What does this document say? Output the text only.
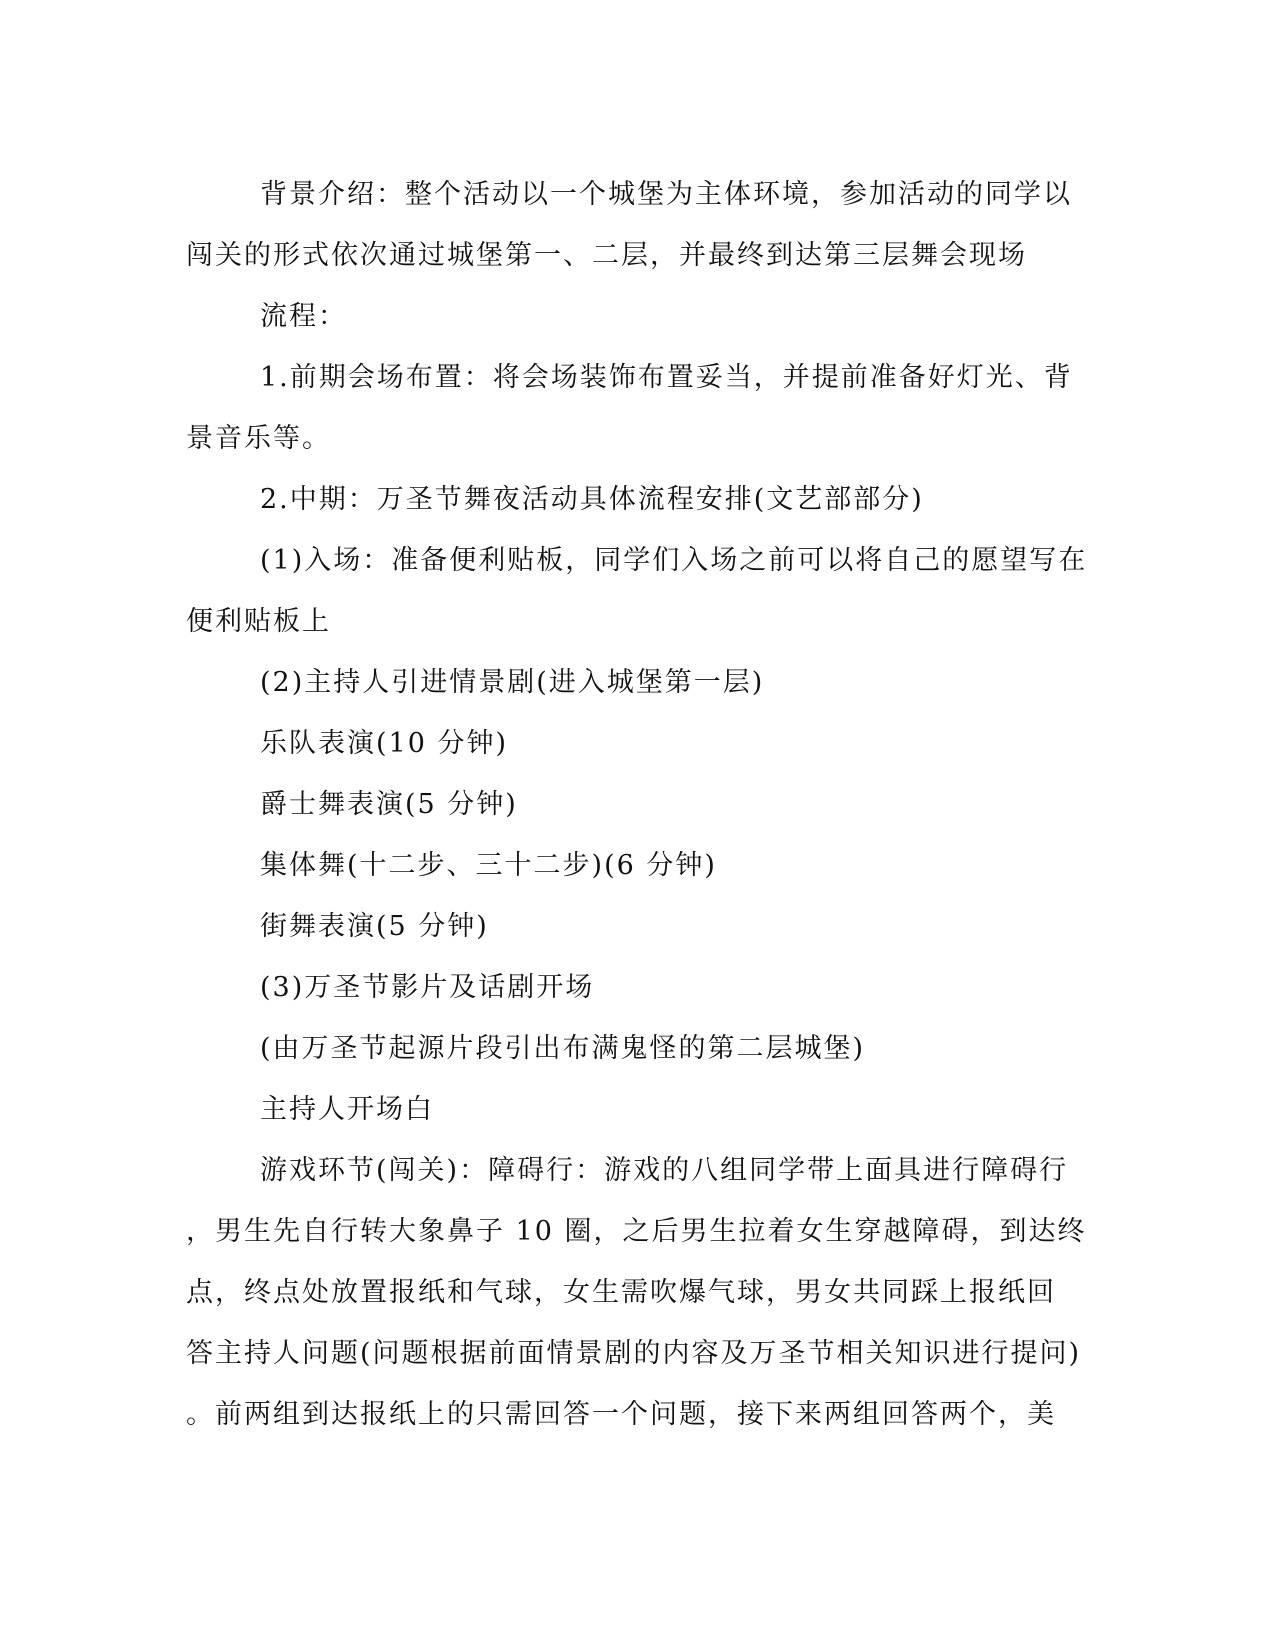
背景介绍：整个活动以一个城堡为主体环境，参加活动的同学以
闯关的形式依次通过城堡第一、二层，并最终到达第三层舞会现场
流程：
1.前期会场布置：将会场装饰布置妥当，并提前准备好灯光、背
景音乐等。
2.中期：万圣节舞夜活动具体流程安排(文艺部部分)
(1)入场：准备便利贴板，同学们入场之前可以将自己的愿望写在
便利贴板上
(2)主持人引进情景剧(进入城堡第一层)
乐队表演(10 分钟)
爵士舞表演(5 分钟)
集体舞(十二步、三十二步)(6 分钟)
街舞表演(5 分钟)
(3)万圣节影片及话剧开场
(由万圣节起源片段引出布满鬼怪的第二层城堡)
主持人开场白
游戏环节(闯关)：障碍行：游戏的八组同学带上面具进行障碍行
，男生先自行转大象鼻子 10 圈，之后男生拉着女生穿越障碍，到达终
点，终点处放置报纸和气球，女生需吹爆气球，男女共同踩上报纸回
答主持人问题(问题根据前面情景剧的内容及万圣节相关知识进行提问)
。前两组到达报纸上的只需回答一个问题，接下来两组回答两个，美
